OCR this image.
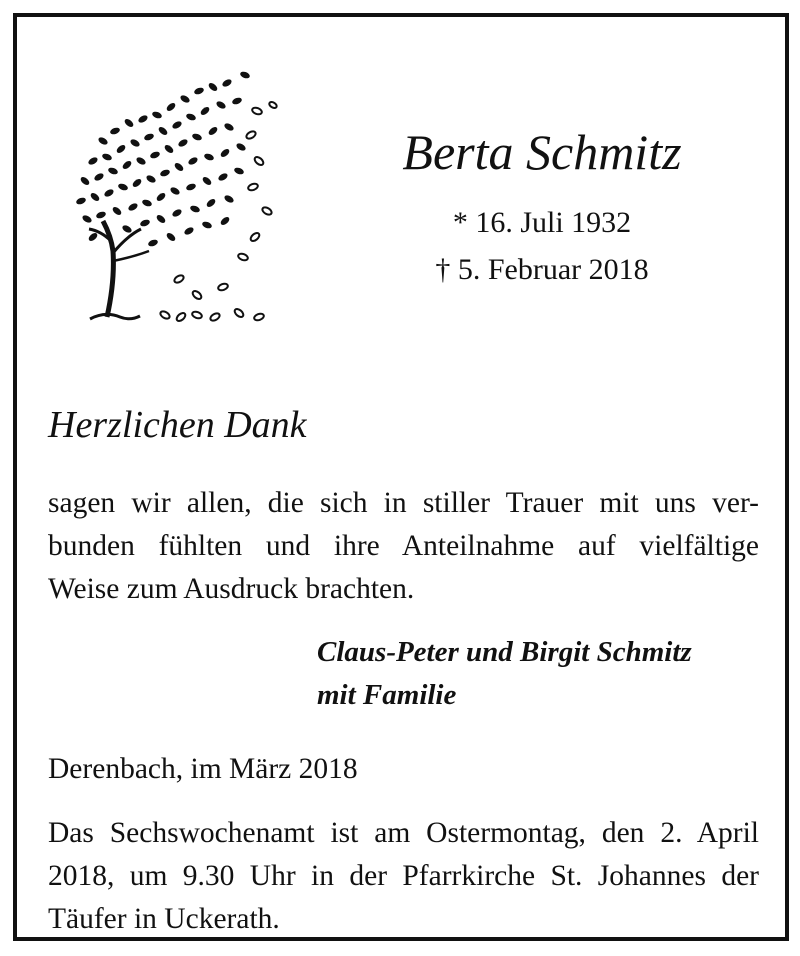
Berta Schmitz
* 16. Juli 1932
† 5. Februar 2018
Herzlichen Dank
sagen wir allen, die sich in stiller Trauer mit uns ver-
bunden fühlten und ihre Anteilnahme auf vielfältige
Weise zum Ausdruck brachten.
Claus-Peter und Birgit Schmitz
mit Familie
Derenbach, im März 2018
Das Sechswochenamt ist am Ostermontag, den 2. April
2018, um 9.30 Uhr in der Pfarrkirche St. Johannes der
Täufer in Uckerath.
